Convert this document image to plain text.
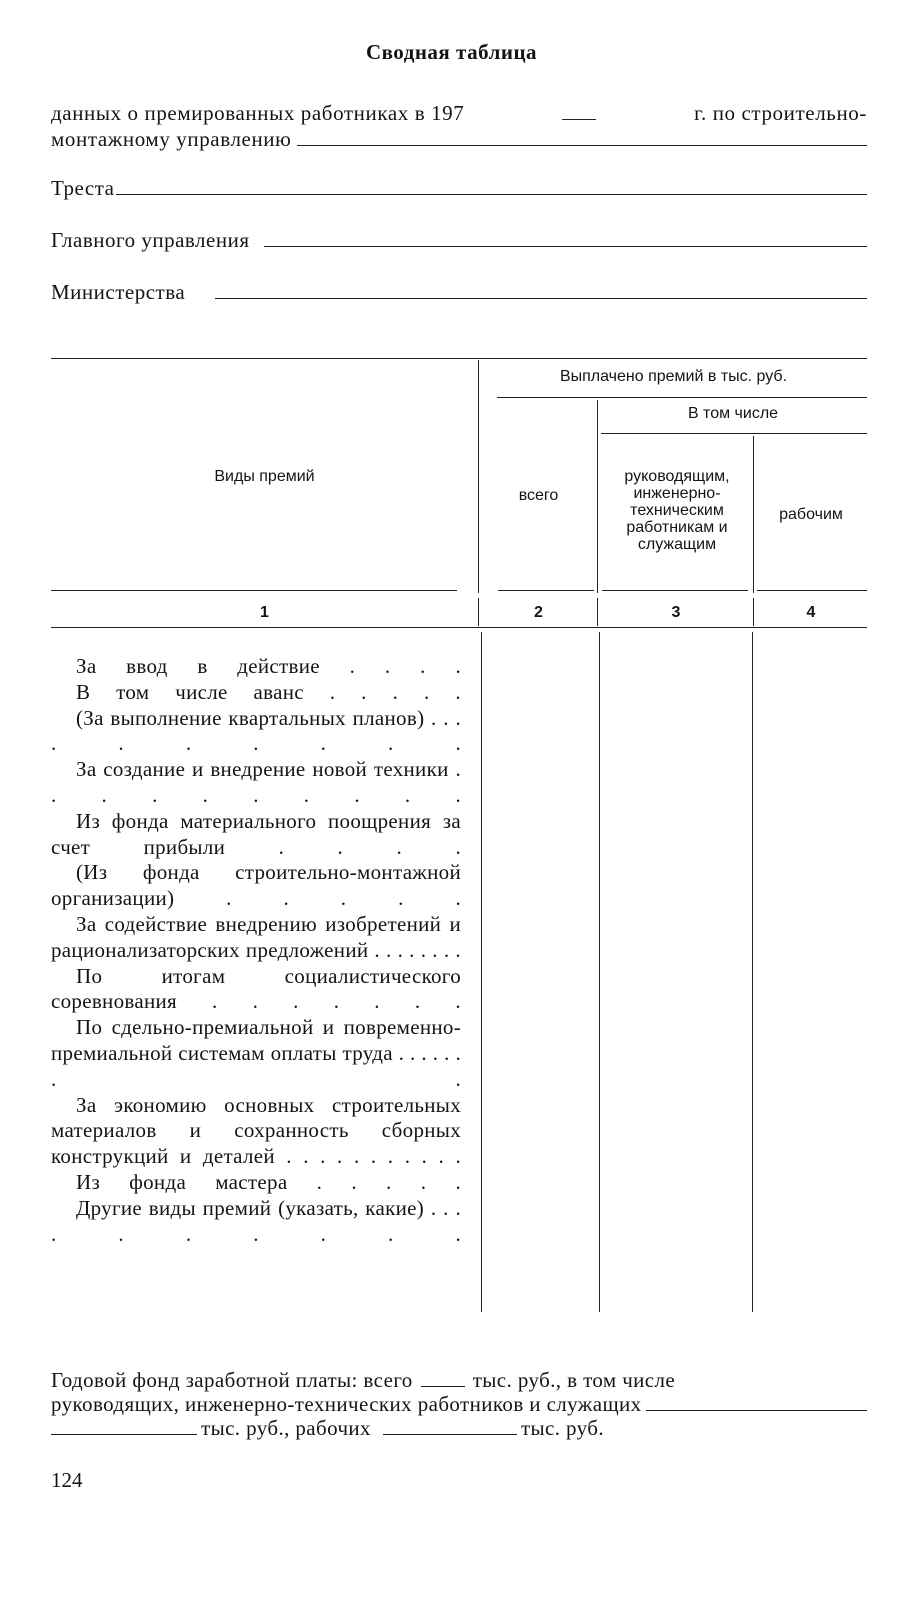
Сводная таблица
данных о премированных работниках в 197	г. по строительно-
монтажному управлению
Треста
Главного управления
Министерства
Виды премий
Выплачено премий в тыс. руб.
В том числе
всего
руководящим, инженерно-техническим работникам и служащим
рабочим
1	2	3	4
За ввод в действие . . . .
В том числе аванс . . . . .
(За выполнение квартальных планов) . . . . . . . . . .
За создание и внедрение новой техники . . . . . . . . . .
Из фонда материального поощрения за счет прибыли . . . .
(Из фонда строительно-монтажной организации) . . . . .
За содействие внедрению изобретений и рационализаторских предложений . . . . . . . .
По итогам социалистического соревнования . . . . . . .
По сдельно-премиальной и повременно-премиальной системам оплаты труда . . . . . . . .
За экономию основных строительных материалов и сохранность сборных конструкций и деталей . . . . . . . . . . .
Из фонда мастера . . . . .
Другие виды премий (указать, какие) . . . . . . . . . .
Годовой фонд заработной платы: всего	тыс. руб., в том числе
руководящих, инженерно-технических работников и служащих
тыс. руб., рабочих	тыс. руб.
124
